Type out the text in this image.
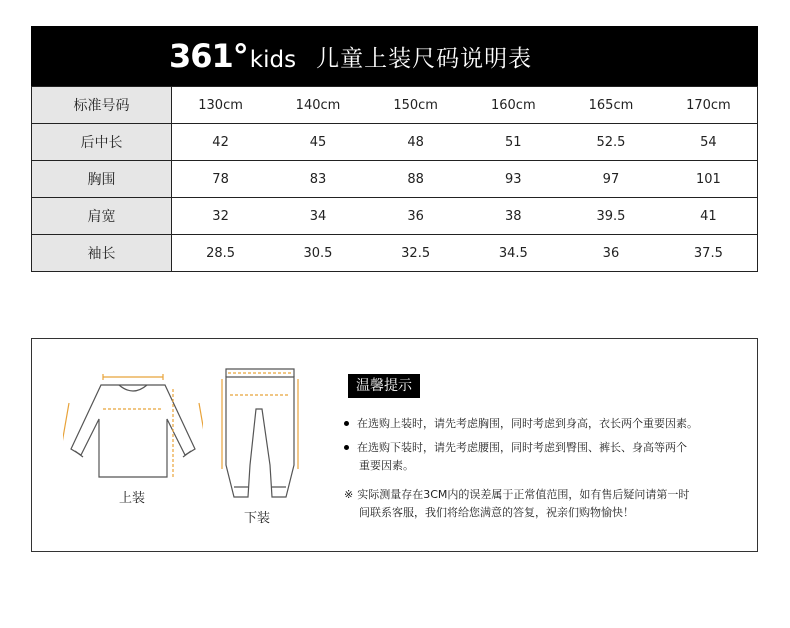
361° kids 儿童上装尺码说明表
标准号码	130cm	140cm	150cm	160cm	165cm	170cm
后中长	42	45	48	51	52.5	54
胸围	78	83	88	93	97	101
肩宽	32	34	36	38	39.5	41
袖长	28.5	30.5	32.5	34.5	36	37.5
上装
下装
温馨提示
在选购上装时，请先考虑胸围，同时考虑到身高，衣长两个重要因素。
在选购下装时，请先考虑腰围，同时考虑到臀围、裤长、身高等两个
重要因素。
※ 实际测量存在3CM内的误差属于正常值范围，如有售后疑问请第一时
间联系客服，我们将给您满意的答复，祝亲们购物愉快！
